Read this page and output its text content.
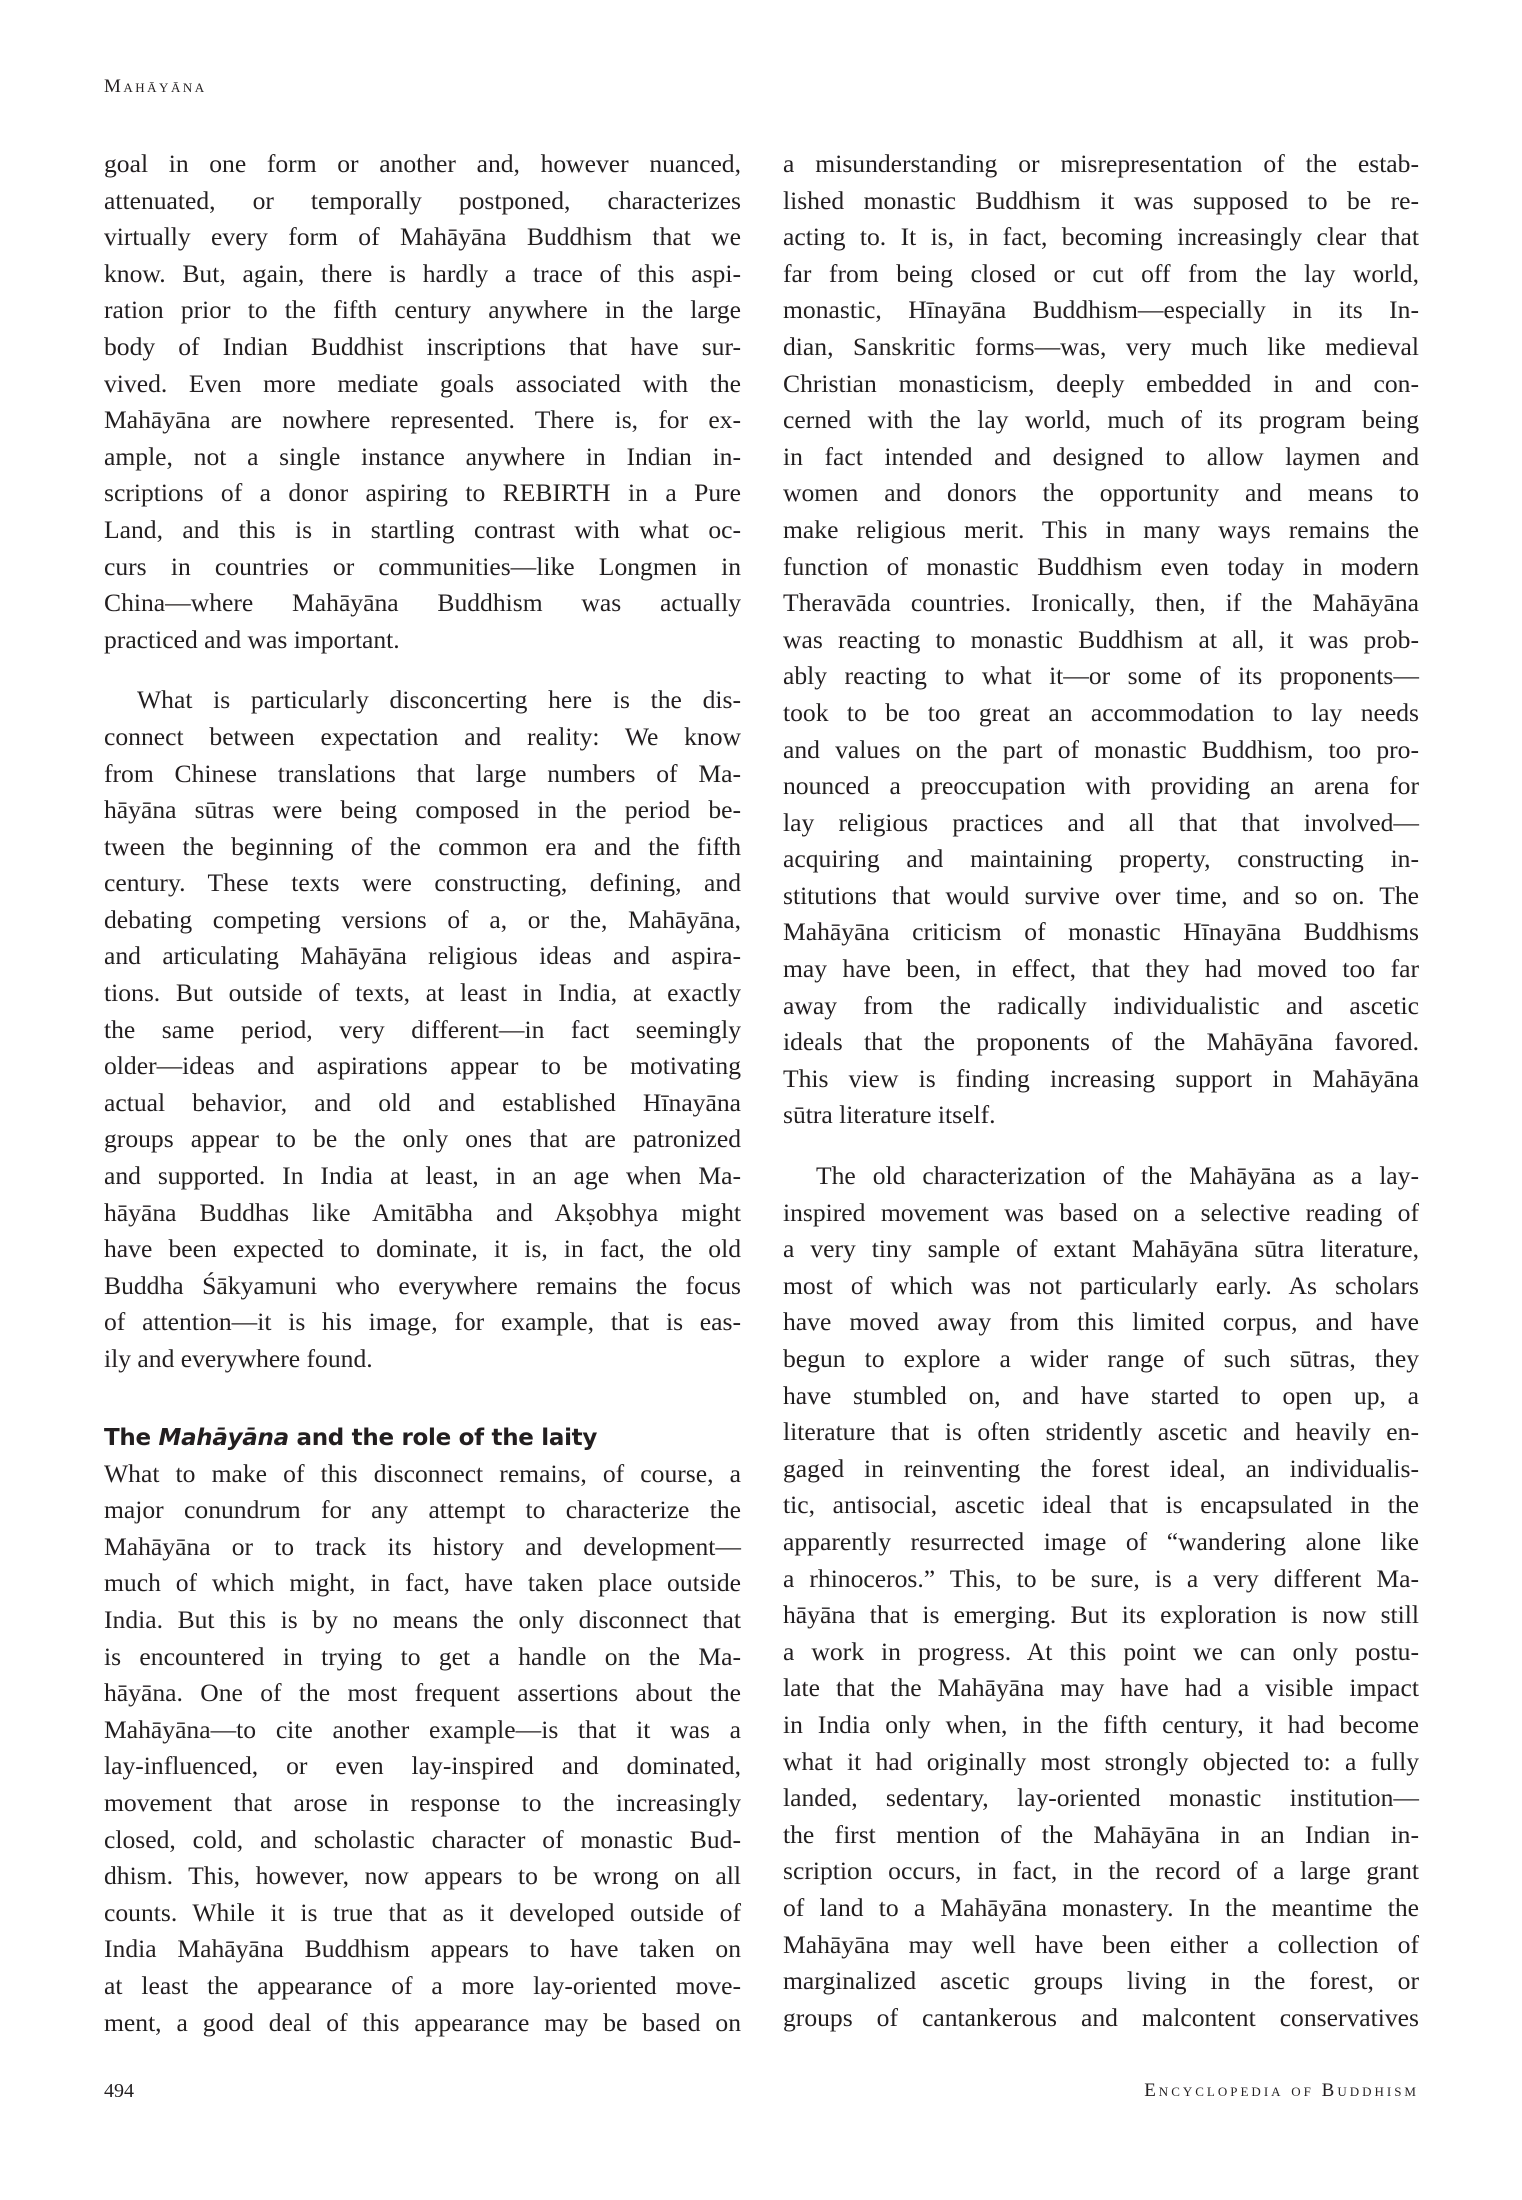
Mahāyāna
goal in one form or another and, however nuanced,
attenuated, or temporally postponed, characterizes
virtually every form of Mahāyāna Buddhism that we
know. But, again, there is hardly a trace of this aspi-
ration prior to the fifth century anywhere in the large
body of Indian Buddhist inscriptions that have sur-
vived. Even more mediate goals associated with the
Mahāyāna are nowhere represented. There is, for ex-
ample, not a single instance anywhere in Indian in-
scriptions of a donor aspiring to REBIRTH in a Pure
Land, and this is in startling contrast with what oc-
curs in countries or communities—like Longmen in
China—where Mahāyāna Buddhism was actually
practiced and was important.
What is particularly disconcerting here is the dis-
connect between expectation and reality: We know
from Chinese translations that large numbers of Ma-
hāyāna sūtras were being composed in the period be-
tween the beginning of the common era and the fifth
century. These texts were constructing, defining, and
debating competing versions of a, or the, Mahāyāna,
and articulating Mahāyāna religious ideas and aspira-
tions. But outside of texts, at least in India, at exactly
the same period, very different—in fact seemingly
older—ideas and aspirations appear to be motivating
actual behavior, and old and established Hīnayāna
groups appear to be the only ones that are patronized
and supported. In India at least, in an age when Ma-
hāyāna Buddhas like Amitābha and Akṣobhya might
have been expected to dominate, it is, in fact, the old
Buddha Śākyamuni who everywhere remains the focus
of attention—it is his image, for example, that is eas-
ily and everywhere found.
The Mahāyāna and the role of the laity
What to make of this disconnect remains, of course, a
major conundrum for any attempt to characterize the
Mahāyāna or to track its history and development—
much of which might, in fact, have taken place outside
India. But this is by no means the only disconnect that
is encountered in trying to get a handle on the Ma-
hāyāna. One of the most frequent assertions about the
Mahāyāna—to cite another example—is that it was a
lay-influenced, or even lay-inspired and dominated,
movement that arose in response to the increasingly
closed, cold, and scholastic character of monastic Bud-
dhism. This, however, now appears to be wrong on all
counts. While it is true that as it developed outside of
India Mahāyāna Buddhism appears to have taken on
at least the appearance of a more lay-oriented move-
ment, a good deal of this appearance may be based on
a misunderstanding or misrepresentation of the estab-
lished monastic Buddhism it was supposed to be re-
acting to. It is, in fact, becoming increasingly clear that
far from being closed or cut off from the lay world,
monastic, Hīnayāna Buddhism—especially in its In-
dian, Sanskritic forms—was, very much like medieval
Christian monasticism, deeply embedded in and con-
cerned with the lay world, much of its program being
in fact intended and designed to allow laymen and
women and donors the opportunity and means to
make religious merit. This in many ways remains the
function of monastic Buddhism even today in modern
Theravāda countries. Ironically, then, if the Mahāyāna
was reacting to monastic Buddhism at all, it was prob-
ably reacting to what it—or some of its proponents—
took to be too great an accommodation to lay needs
and values on the part of monastic Buddhism, too pro-
nounced a preoccupation with providing an arena for
lay religious practices and all that that involved—
acquiring and maintaining property, constructing in-
stitutions that would survive over time, and so on. The
Mahāyāna criticism of monastic Hīnayāna Buddhisms
may have been, in effect, that they had moved too far
away from the radically individualistic and ascetic
ideals that the proponents of the Mahāyāna favored.
This view is finding increasing support in Mahāyāna
sūtra literature itself.
The old characterization of the Mahāyāna as a lay-
inspired movement was based on a selective reading of
a very tiny sample of extant Mahāyāna sūtra literature,
most of which was not particularly early. As scholars
have moved away from this limited corpus, and have
begun to explore a wider range of such sūtras, they
have stumbled on, and have started to open up, a
literature that is often stridently ascetic and heavily en-
gaged in reinventing the forest ideal, an individualis-
tic, antisocial, ascetic ideal that is encapsulated in the
apparently resurrected image of “wandering alone like
a rhinoceros.” This, to be sure, is a very different Ma-
hāyāna that is emerging. But its exploration is now still
a work in progress. At this point we can only postu-
late that the Mahāyāna may have had a visible impact
in India only when, in the fifth century, it had become
what it had originally most strongly objected to: a fully
landed, sedentary, lay-oriented monastic institution—
the first mention of the Mahāyāna in an Indian in-
scription occurs, in fact, in the record of a large grant
of land to a Mahāyāna monastery. In the meantime the
Mahāyāna may well have been either a collection of
marginalized ascetic groups living in the forest, or
groups of cantankerous and malcontent conservatives
494	Encyclopedia of Buddhism
